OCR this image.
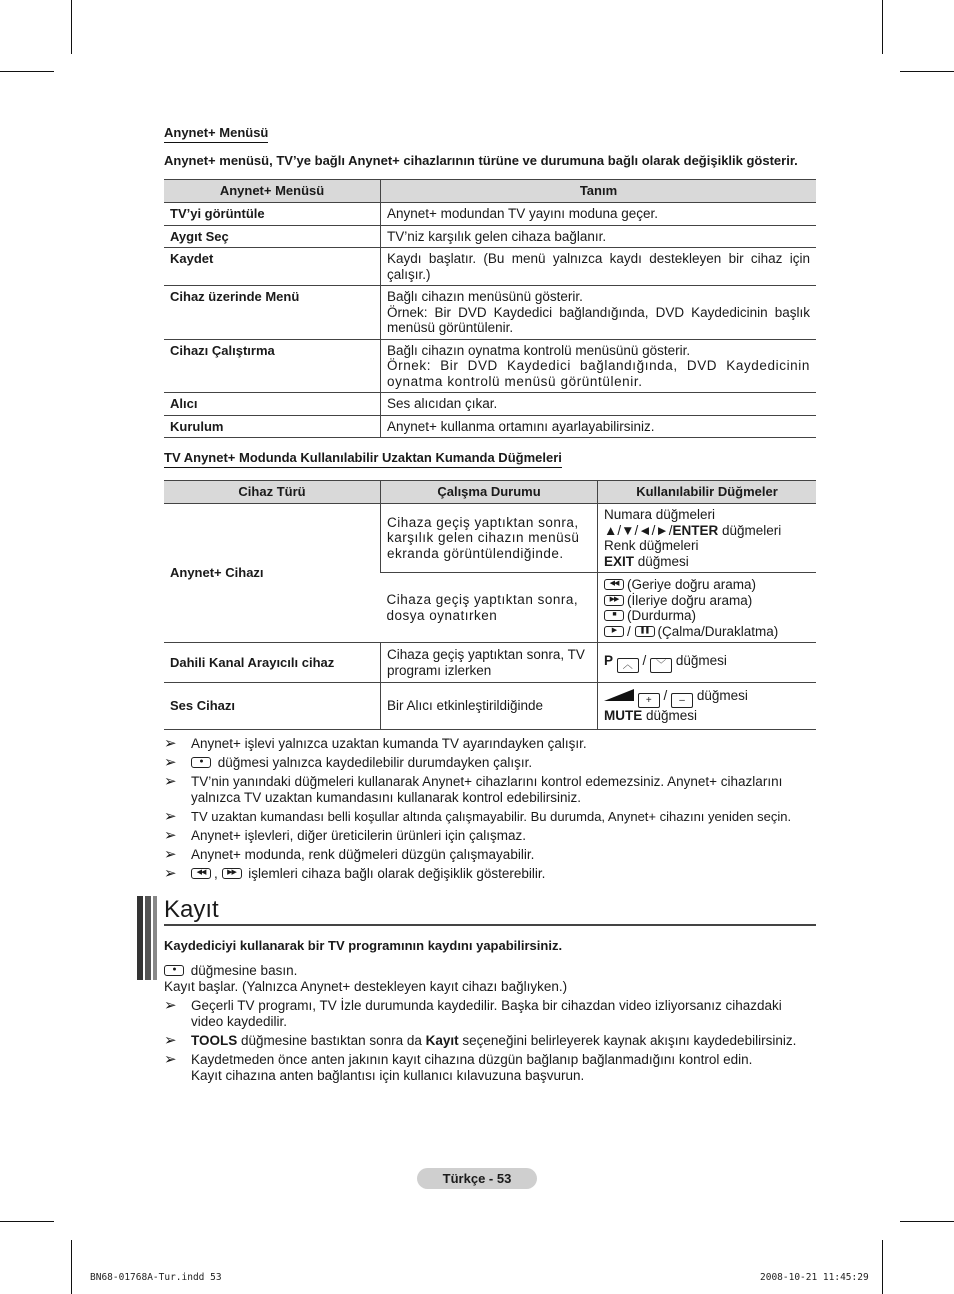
Anynet+ Menüsü
Anynet+ menüsü, TV’ye bağlı Anynet+ cihazlarının türüne ve durumuna bağlı olarak değişiklik gösterir.
Anynet+ Menüsü	Tanım
TV’yi görüntüle	Anynet+ modundan TV yayını moduna geçer.
Aygıt Seç	TV’niz karşılık gelen cihaza bağlanır.
Kaydet	Kaydı başlatır. (Bu menü yalnızca kaydı destekleyen bir cihaz için çalışır.)
Cihaz üzerinde Menü	Bağlı cihazın menüsünü gösterir.
Örnek: Bir DVD Kaydedici bağlandığında, DVD Kaydedicinin başlık menüsü görüntülenir.

Cihazı Çalıştırma	Bağlı cihazın oynatma kontrolü menüsünü gösterir.
Örnek: Bir DVD Kaydedici bağlandığında, DVD Kaydedicinin oynatma kontrolü menüsü görüntülenir.

Alıcı	Ses alıcıdan çıkar.
Kurulum	Anynet+ kullanma ortamını ayarlayabilirsiniz.
TV Anynet+ Modunda Kullanılabilir Uzaktan Kumanda Düğmeleri
Cihaz Türü	Çalışma Durumu	Kullanılabilir Düğmeler
Anynet+ Cihazı	Cihaza geçiş yaptıktan sonra, karşılık gelen cihazın menüsü ekranda görüntülendiğinde.	Numara düğmeleri
▲/▼/◄/►/ENTER düğmeleri
Renk düğmeleri
EXIT düğmesi

	Cihaza geçiş yaptıktan sonra, dosya oynatırken	
◀◀(Geriye doğru arama)
▶▶(İleriye doğru arama)
■(Durdurma)
▶/ ❚❚ (Çalma/Duraklatma)

Dahili Kanal Arayıcılı cihaz	Cihaza geçiş yaptıktan sonra, TV programı izlerken	P ︿ / ﹀ düğmesi
Ses Cihazı	Bir Alıcı etkinleştirildiğinde	+ / – düğmesi
MUTE düğmesi
➢ Anynet+ işlevi yalnızca uzaktan kumanda TV ayarındayken çalışır.
➢ ●	düğmesi yalnızca kaydedilebilir durumdayken çalışır.
➢ TV’nin yanındaki düğmeleri kullanarak Anynet+ cihazlarını kontrol edemezsiniz. Anynet+ cihazlarını yalnızca TV uzaktan kumandasını kullanarak kontrol edebilirsiniz.
➢ TV uzaktan kumandası belli koşullar altında çalışmayabilir. Bu durumda, Anynet+ cihazını yeniden seçin.
➢ Anynet+ işlevleri, diğer üreticilerin ürünleri için çalışmaz.
➢ Anynet+ modunda, renk düğmeleri düzgün çalışmayabilir.
➢ ◀◀	, ▶▶ işlemleri cihaza bağlı olarak değişiklik gösterebilir.
Kayıt
Kaydediciyi kullanarak bir TV programının kaydını yapabilirsiniz.
● düğmesine basın.
Kayıt başlar. (Yalnızca Anynet+ destekleyen kayıt cihazı bağlıyken.)
➢ Geçerli TV programı, TV İzle durumunda kaydedilir. Başka bir cihazdan video izliyorsanız cihazdaki video kaydedilir.
➢ TOOLS düğmesine bastıktan sonra da Kayıt seçeneğini belirleyerek kaynak akışını kaydedebilirsiniz.
➢ Kaydetmeden önce anten jakının kayıt cihazına düzgün bağlanıp bağlanmadığını kontrol edin.
Kayıt cihazına anten bağlantısı için kullanıcı kılavuzuna başvurun.
Türkçe - 53
BN68-01768A-Tur.indd 53	2008-10-21 11:45:29
